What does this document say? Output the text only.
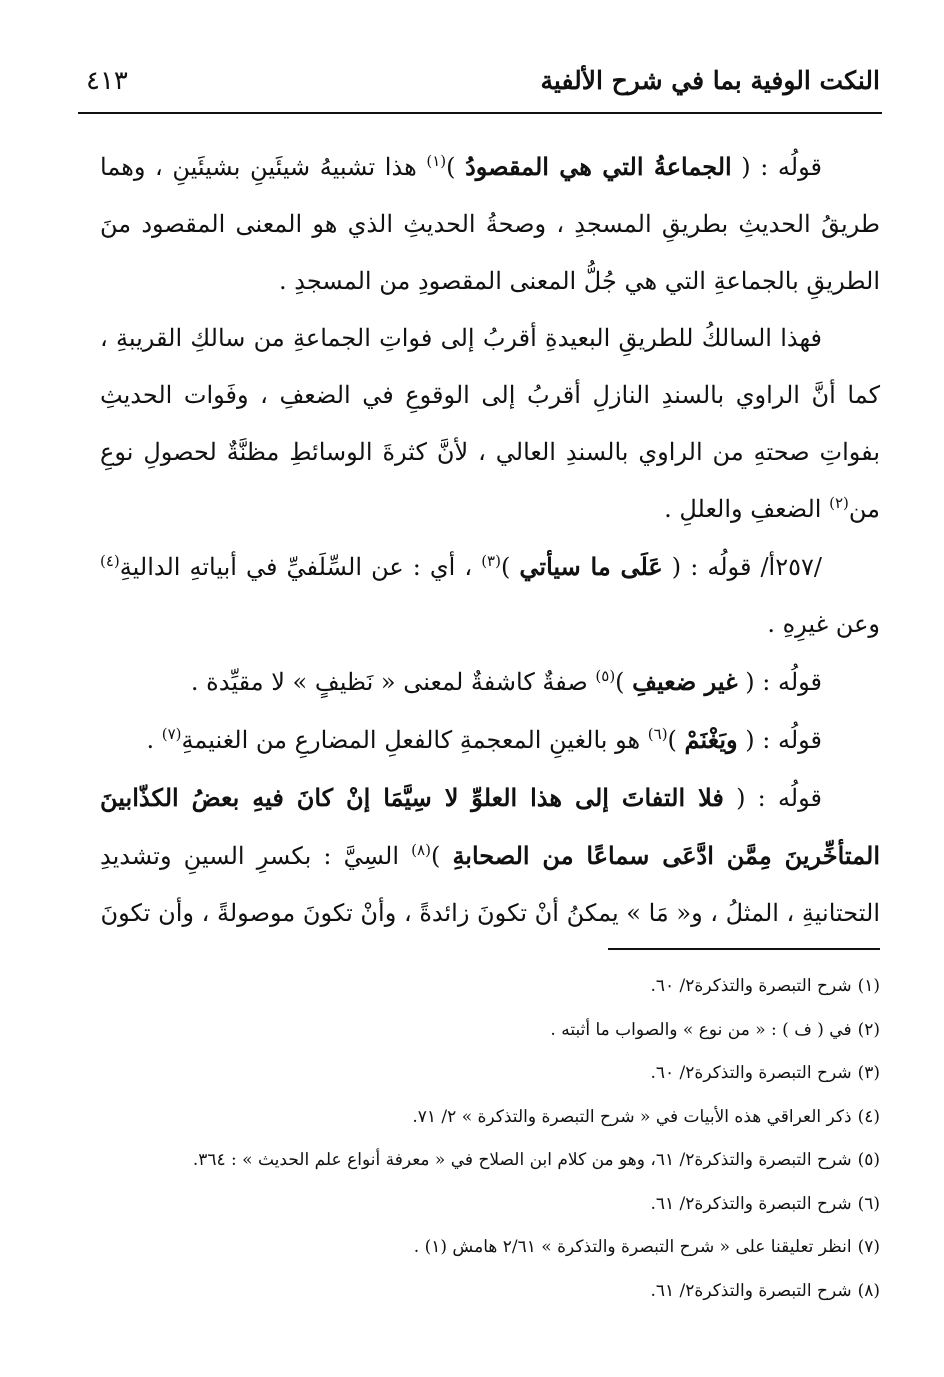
النكت الوفية بما في شرح الألفية
٤١٣
قولُه : ( الجماعةُ التي هي المقصودُ )$^{(١)}$ هذا تشبيهُ شيئَينِ بشيئَينِ ، وهما طريقُ الحديثِ بطريقِ المسجدِ ، وصحةُ الحديثِ الذي هو المعنى المقصود منَ الطريقِ بالجماعةِ التي هي جُلُّ المعنى المقصودِ من المسجدِ .
فهذا السالكُ للطريقِ البعيدةِ أقربُ إلى فواتِ الجماعةِ من سالكِ القريبةِ ، كما أنَّ الراوي بالسندِ النازلِ أقربُ إلى الوقوعِ في الضعفِ ، وفَوات الحديثِ بفواتِ صحتهِ من الراوي بالسندِ العالي ، لأنَّ كثرةَ الوسائطِ مظنَّةٌ لحصولِ نوعِ من$^{(٢)}$ الضعفِ والعللِ .
/٢٥٧أ/ قولُه : ( عَلَى ما سيأتي )$^{(٣)}$ ، أي : عن السِّلَفيِّ في أبياتهِ الداليةِ$^{(٤)}$ وعن غيرِهِ .
قولُه : ( غير ضعيفِ )$^{(٥)}$ صفةٌ كاشفةٌ لمعنى « نَظيفٍ » لا مقيِّدة .
قولُه : ( ويَغْنَمْ )$^{(٦)}$ هو بالغينِ المعجمةِ كالفعلِ المضارعِ من الغنيمةِ$^{(٧)}$ .
قولُه : ( فلا التفاتَ إلى هذا العلوِّ لا سِيَّمَا إنْ كانَ فيهِ بعضُ الكذّابينَ المتأخِّرينَ مِمَّن ادَّعَى سماعًا من الصحابةِ )$^{(٨)}$ السِيَّ : بكسرِ السينِ وتشديدِ التحتانيةِ ، المثلُ ، و« مَا » يمكنُ أنْ تكونَ زائدةً ، وأنْ تكونَ موصولةً ، وأن تكونَ

(١)شرح التبصرة والتذكرة٢/ ٦٠.

(٢)في ( ف ) : « من نوع » والصواب ما أثبته .

(٣)شرح التبصرة والتذكرة٢/ ٦٠.

(٤)ذكر العراقي هذه الأبيات في « شرح التبصرة والتذكرة » ٢/ ٧١.

(٥)شرح التبصرة والتذكرة٢/ ٦١، وهو من كلام ابن الصلاح في « معرفة أنواع علم الحديث » : ٣٦٤.

(٦)شرح التبصرة والتذكرة٢/ ٦١.

(٧)انظر تعليقنا على « شرح التبصرة والتذكرة » ٢/٦١ هامش (١) .

(٨)شرح التبصرة والتذكرة٢/ ٦١.
